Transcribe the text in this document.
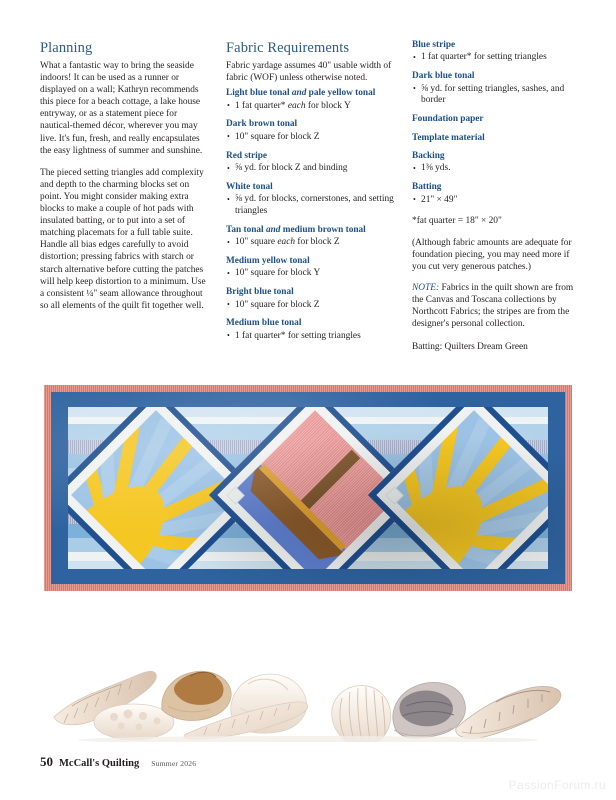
Planning

What a fantastic way to bring the seaside indoors! It can be used as a runner or displayed on a wall; Kathryn recommends this piece for a beach cottage, a lake house entryway, or as a statement piece for nautical-themed décor, wherever you may live. It's fun, fresh, and really encapsulates the easy lightness of summer and sunshine.

The pieced setting triangles add complexity and depth to the charming blocks set on point. You might consider making extra blocks to make a couple of hot pads with insulated batting, or to put into a set of matching placemats for a full table suite. Handle all bias edges carefully to avoid distortion; pressing fabrics with starch or starch alternative before cutting the patches will help keep distortion to a minimum. Use a consistent ¼" seam allowance throughout so all elements of the quilt fit together well.

Fabric Requirements

Fabric yardage assumes 40" usable width of fabric (WOF) unless otherwise noted.

Light blue tonal and pale yellow tonal
• 1 fat quarter* each for block Y
Dark brown tonal
• 10" square for block Z
Red stripe
• ⅝ yd. for block Z and binding
White tonal
• ⅝ yd. for blocks, cornerstones, and setting triangles
Tan tonal and medium brown tonal
• 10" square each for block Z
Medium yellow tonal
• 10" square for block Y
Bright blue tonal
• 10" square for block Z
Medium blue tonal
• 1 fat quarter* for setting triangles
Blue stripe
• 1 fat quarter* for setting triangles
Dark blue tonal
• ⅝ yd. for setting triangles, sashes, and border
Foundation paper
Template material
Backing
• 1⅜ yds.
Batting
• 21" × 49"

*fat quarter = 18" × 20"

(Although fabric amounts are adequate for foundation piecing, you may need more if you cut very generous patches.)

NOTE: Fabrics in the quilt shown are from the Canvas and Toscana collections by Northcott Fabrics; the stripes are from the designer's personal collection.

Batting: Quilters Dream Green

50 McCall's Quilting Summer 2026
PassionForum.ru
